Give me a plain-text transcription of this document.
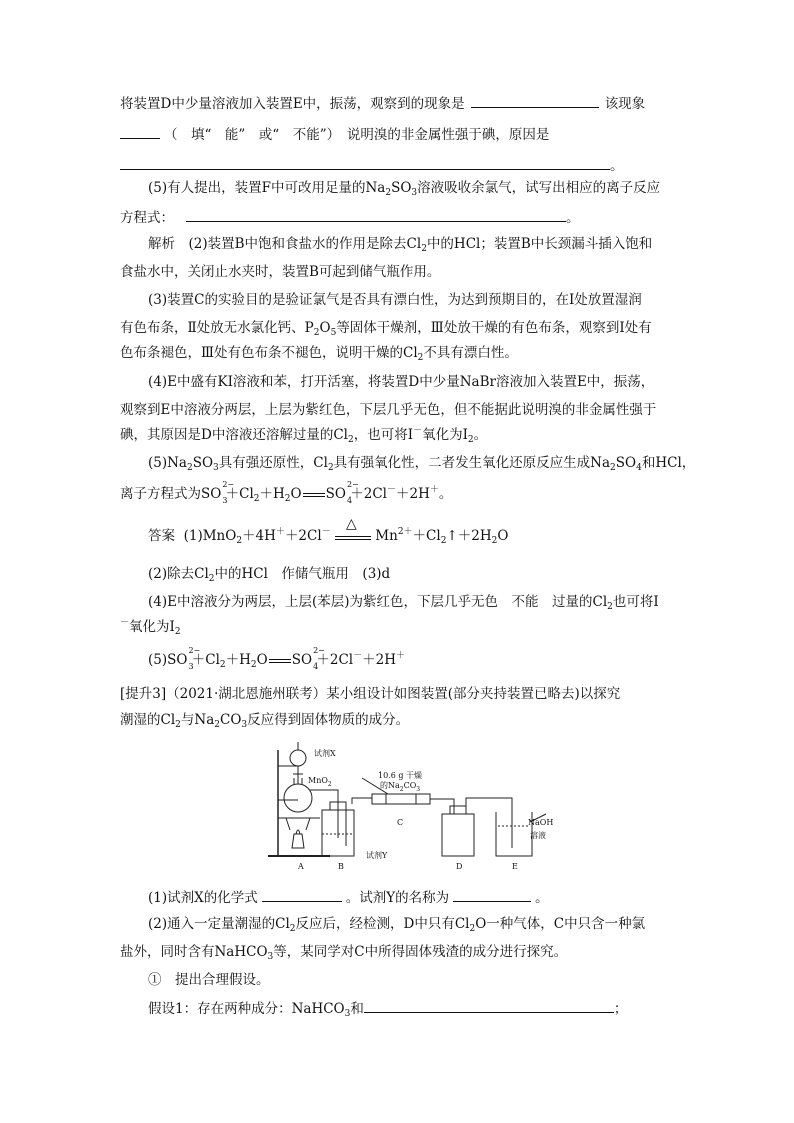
将装置D中少量溶液加入装置E中，振荡，观察到的现象是	该现象
（　填“　能”　或“　不能”）　说明溴的非金属性强于碘，原因是
。
(5)有人提出，装置F中可改用足量的$Na_2SO_3$溶液吸收余氯气，试写出相应的离子反应
方程式：	。
解析　(2)装置B中饱和食盐水的作用是除去$Cl_2$中的HCl；装置B中长颈漏斗插入饱和
食盐水中，关闭止水夹时，装置B可起到储气瓶作用。
(3)装置C的实验目的是验证氯气是否具有漂白性，为达到预期目的，在Ⅰ处放置湿润
有色布条，Ⅱ处放无水氯化钙、$P_2O_5$等固体干燥剂，Ⅲ处放干燥的有色布条，观察到Ⅰ处有
色布条褪色，Ⅲ处有色布条不褪色，说明干燥的$Cl_2$不具有漂白性。
(4)E中盛有KI溶液和苯，打开活塞，将装置D中少量NaBr溶液加入装置E中，振荡，
观察到E中溶液分两层，上层为紫红色，下层几乎无色，但不能据此说明溴的非金属性强于
碘，其原因是D中溶液还溶解过量的$Cl_2$，也可将I－氧化为$I_2$。
$(5)Na_2SO_3$具有强还原性，$Cl_2$具有强氧化性，二者发生氧化还原反应生成$Na_2SO_4$和HCl，
离子方程式为SO
2−
3
$+Cl_2+H_2O$ SO
2−
4
＋2Cl－＋2H＋。
答案 (1)MnO$_2$＋4H＋＋2Cl－
△
$Mn^{2+}+Cl_2↑+2H_2O$
(2)除去$Cl_2$中的HCl　作储气瓶用　(3)d
(4)E中溶液分为两层，上层(苯层)为紫红色，下层几乎无色　不能　过量的$Cl_2$也可将I
－氧化为$I_2$
(5)SO
2−
3
$+Cl_2+H_2O$ SO
2−
4
＋2Cl－＋2H＋
[提升3]（2021·湖北恩施州联考）某小组设计如图装置(部分夹持装置已略去)以探究
潮湿的$Cl_2$与$Na_2CO_3$反应得到固体物质的成分。
试剂X
MnO$_2$
试剂Y
10.6 g 干燥
的$Na_2CO_3$
NaOH
溶液
A	B
C
D	E
(1)试剂X的化学式	。试剂Y的名称为	。
(2)通入一定量潮湿的$Cl_2$反应后，经检测，D中只有$Cl_2O$一种气体，C中只含一种氯
盐外，同时含有NaHCO$_3$等，某同学对C中所得固体残渣的成分进行探究。
①　提出合理假设。
假设1：存在两种成分：NaHCO$_3$和	；
